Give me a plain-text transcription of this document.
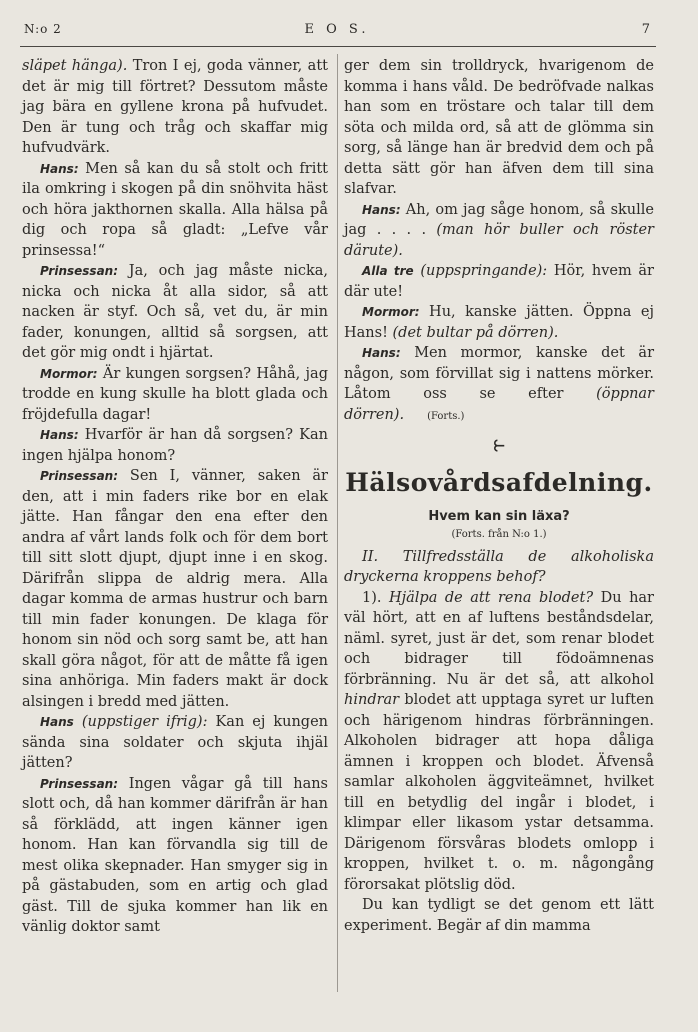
N:o 2	E O S.	7

släpet hänga). Tron I ej, goda vänner, att det är mig till förtret? Dessutom måste jag bära en gyllene krona på hufvudet. Den är tung och tråg och skaffar mig hufvudvärk.

Hans: Men så kan du så stolt och fritt ila omkring i skogen på din snöhvita häst och höra jakthornen skalla. Alla hälsa på dig och ropa så gladt: „Lefve vår prinsessa!“

Prinsessan: Ja, och jag måste nicka, nicka och nicka åt alla sidor, så att nacken är styf. Och så, vet du, är min fader, konungen, alltid så sorgsen, att det gör mig ondt i hjärtat.

Mormor: Är kungen sorgsen? Håhå, jag trodde en kung skulle ha blott glada och fröjdefulla dagar!

Hans: Hvarför är han då sorgsen? Kan ingen hjälpa honom?

Prinsessan: Sen I, vänner, saken är den, att i min faders rike bor en elak jätte. Han fångar den ena efter den andra af vårt lands folk och för dem bort till sitt slott djupt, djupt inne i en skog. Därifrån slippa de aldrig mera. Alla dagar komma de armas hustrur och barn till min fader konungen. De klaga för honom sin nöd och sorg samt be, att han skall göra något, för att de måtte få igen sina anhöriga. Min faders makt är dock alsingen i bredd med jätten.

Hans (uppstiger ifrig): Kan ej kungen sända sina soldater och skjuta ihjäl jätten?

Prinsessan: Ingen vågar gå till hans slott och, då han kommer därifrån är han så förklädd, att ingen känner igen honom. Han kan förvandla sig till de mest olika skepnader. Han smyger sig in på gästabuden, som en artig och glad gäst. Till de sjuka kommer han lik en vänlig doktor samt

ger dem sin trolldryck, hvarigenom de komma i hans våld. De bedröfvade nalkas han som en tröstare och talar till dem söta och milda ord, så att de glömma sin sorg, så länge han är bredvid dem och på detta sätt gör han äfven dem till sina slafvar.

Hans: Ah, om jag såge honom, så skulle jag . . . . (man hör buller och röster därute).

Alla tre (uppspringande): Hör, hvem är där ute!

Mormor: Hu, kanske jätten. Öppna ej Hans! (det bultar på dörren).

Hans: Men mormor, kanske det är någon, som förvillat sig i nattens mörker. Låtom oss se efter (öppnar dörren). (Forts.)

⥼
Hälsovårdsafdelning.
Hvem kan sin läxa?
(Forts. från N:o 1.)

II. Tillfredsställa de alkoholiska dryckerna kroppens behof?

1). Hjälpa de att rena blodet? Du har väl hört, att en af luftens beståndsdelar, näml. syret, just är det, som renar blodet och bidrager till födoämnenas förbränning. Nu är det så, att alkohol hindrar blodet att upptaga syret ur luften och härigenom hindras förbränningen. Alkoholen bidrager att hopa dåliga ämnen i kroppen och blodet. Äfvenså samlar alkoholen äggviteämnet, hvilket till en betydlig del ingår i blodet, i klimpar eller likasom ystar detsamma. Därigenom försvåras blodets omlopp i kroppen, hvilket t. o. m. någongång förorsakat plötslig död.

Du kan tydligt se det genom ett lätt experiment. Begär af din mamma
